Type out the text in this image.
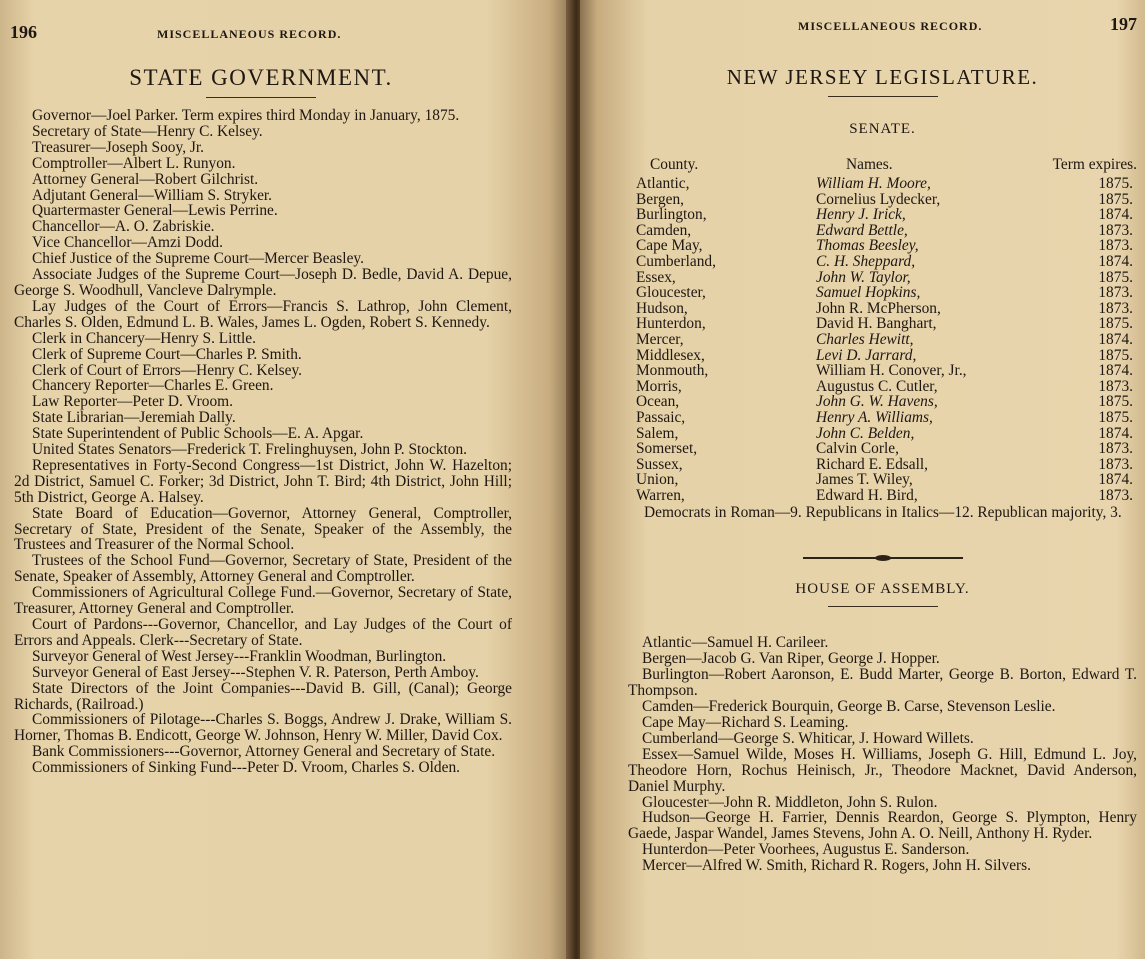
196	MISCELLANEOUS RECORD.
STATE GOVERNMENT.
Governor—Joel Parker. Term expires third Monday in January, 1875.
Secretary of State—Henry C. Kelsey.
Treasurer—Joseph Sooy, Jr.
Comptroller—Albert L. Runyon.
Attorney General—Robert Gilchrist.
Adjutant General—William S. Stryker.
Quartermaster General—Lewis Perrine.
Chancellor—A. O. Zabriskie.
Vice Chancellor—Amzi Dodd.
Chief Justice of the Supreme Court—Mercer Beasley.
Associate Judges of the Supreme Court—Joseph D. Bedle, David A. Depue, George S. Woodhull, Vancleve Dalrymple.
Lay Judges of the Court of Errors—Francis S. Lathrop, John Clement, Charles S. Olden, Edmund L. B. Wales, James L. Ogden, Robert S. Kennedy.
Clerk in Chancery—Henry S. Little.
Clerk of Supreme Court—Charles P. Smith.
Clerk of Court of Errors—Henry C. Kelsey.
Chancery Reporter—Charles E. Green.
Law Reporter—Peter D. Vroom.
State Librarian—Jeremiah Dally.
State Superintendent of Public Schools—E. A. Apgar.
United States Senators—Frederick T. Frelinghuysen, John P. Stockton.
Representatives in Forty-Second Congress—1st District, John W. Hazelton; 2d District, Samuel C. Forker; 3d District, John T. Bird; 4th District, John Hill; 5th District, George A. Halsey.
State Board of Education—Governor, Attorney General, Comptroller, Secretary of State, President of the Senate, Speaker of the Assembly, the Trustees and Treasurer of the Normal School.
Trustees of the School Fund—Governor, Secretary of State, President of the Senate, Speaker of Assembly, Attorney General and Comptroller.
Commissioners of Agricultural College Fund.—Governor, Secretary of State, Treasurer, Attorney General and Comptroller.
Court of Pardons---Governor, Chancellor, and Lay Judges of the Court of Errors and Appeals. Clerk---Secretary of State.
Surveyor General of West Jersey---Franklin Woodman, Burlington.
Surveyor General of East Jersey---Stephen V. R. Paterson, Perth Amboy.
State Directors of the Joint Companies---David B. Gill, (Canal); George Richards, (Railroad.)
Commissioners of Pilotage---Charles S. Boggs, Andrew J. Drake, William S. Horner, Thomas B. Endicott, George W. Johnson, Henry W. Miller, David Cox.
Bank Commissioners---Governor, Attorney General and Secretary of State.
Commissioners of Sinking Fund---Peter D. Vroom, Charles S. Olden.
MISCELLANEOUS RECORD.	197
NEW JERSEY LEGISLATURE.
SENATE.
County.	Names.	Term expires.
Atlantic,	William H. Moore,	1875.
Bergen,	Cornelius Lydecker,	1875.
Burlington,	Henry J. Irick,	1874.
Camden,	Edward Bettle,	1873.
Cape May,	Thomas Beesley,	1873.
Cumberland,	C. H. Sheppard,	1874.
Essex,	John W. Taylor,	1875.
Gloucester,	Samuel Hopkins,	1873.
Hudson,	John R. McPherson,	1873.
Hunterdon,	David H. Banghart,	1875.
Mercer,	Charles Hewitt,	1874.
Middlesex,	Levi D. Jarrard,	1875.
Monmouth,	William H. Conover, Jr.,	1874.
Morris,	Augustus C. Cutler,	1873.
Ocean,	John G. W. Havens,	1875.
Passaic,	Henry A. Williams,	1875.
Salem,	John C. Belden,	1874.
Somerset,	Calvin Corle,	1873.
Sussex,	Richard E. Edsall,	1873.
Union,	James T. Wiley,	1874.
Warren,	Edward H. Bird,	1873.
Democrats in Roman—9. Republicans in Italics—12. Republican majority, 3.
HOUSE OF ASSEMBLY.
Atlantic—Samuel H. Carileer.
Bergen—Jacob G. Van Riper, George J. Hopper.
Burlington—Robert Aaronson, E. Budd Marter, George B. Borton, Edward T. Thompson.
Camden—Frederick Bourquin, George B. Carse, Stevenson Leslie.
Cape May—Richard S. Leaming.
Cumberland—George S. Whiticar, J. Howard Willets.
Essex—Samuel Wilde, Moses H. Williams, Joseph G. Hill, Edmund L. Joy, Theodore Horn, Rochus Heinisch, Jr., Theodore Macknet, David Anderson, Daniel Murphy.
Gloucester—John R. Middleton, John S. Rulon.
Hudson—George H. Farrier, Dennis Reardon, George S. Plympton, Henry Gaede, Jaspar Wandel, James Stevens, John A. O. Neill, Anthony H. Ryder.
Hunterdon—Peter Voorhees, Augustus E. Sanderson.
Mercer—Alfred W. Smith, Richard R. Rogers, John H. Silvers.
